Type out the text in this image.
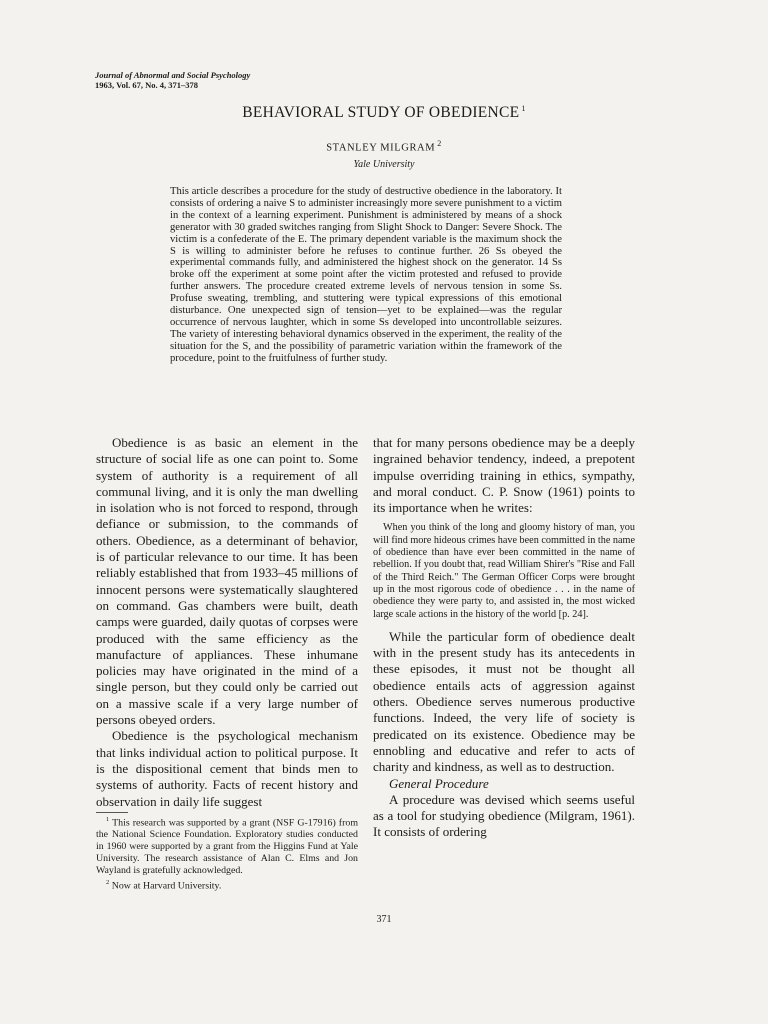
Journal of Abnormal and Social Psychology
1963, Vol. 67, No. 4, 371–378
BEHAVIORAL STUDY OF OBEDIENCE $^1$
STANLEY MILGRAM $^2$
Yale University
This article describes a procedure for the study of destructive obedience in the laboratory. It consists of ordering a naive S to administer increasingly more severe punishment to a victim in the context of a learning experiment. Punishment is administered by means of a shock generator with 30 graded switches ranging from Slight Shock to Danger: Severe Shock. The victim is a confederate of the E. The primary dependent variable is the maximum shock the S is willing to administer before he refuses to continue further. 26 Ss obeyed the experimental commands fully, and administered the highest shock on the generator. 14 Ss broke off the experiment at some point after the victim protested and refused to provide further answers. The procedure created extreme levels of nervous tension in some Ss. Profuse sweating, trembling, and stuttering were typical expressions of this emotional disturbance. One unexpected sign of tension—yet to be explained—was the regular occurrence of nervous laughter, which in some Ss developed into uncontrollable seizures. The variety of interesting behavioral dynamics observed in the experiment, the reality of the situation for the S, and the possibility of parametric variation within the framework of the procedure, point to the fruitfulness of further study.

Obedience is as basic an element in the structure of social life as one can point to. Some system of authority is a requirement of all communal living, and it is only the man dwelling in isolation who is not forced to respond, through defiance or submission, to the commands of others. Obedience, as a determinant of behavior, is of particular relevance to our time. It has been reliably established that from 1933–45 millions of innocent persons were systematically slaughtered on command. Gas chambers were built, death camps were guarded, daily quotas of corpses were produced with the same efficiency as the manufacture of appliances. These inhumane policies may have originated in the mind of a single person, but they could only be carried out on a massive scale if a very large number of persons obeyed orders.

Obedience is the psychological mechanism that links individual action to political purpose. It is the dispositional cement that binds men to systems of authority. Facts of recent history and observation in daily life suggest

$^1$ This research was supported by a grant (NSF G-17916) from the National Science Foundation. Exploratory studies conducted in 1960 were supported by a grant from the Higgins Fund at Yale University. The research assistance of Alan C. Elms and Jon Wayland is gratefully acknowledged.

$^2$ Now at Harvard University.

that for many persons obedience may be a deeply ingrained behavior tendency, indeed, a prepotent impulse overriding training in ethics, sympathy, and moral conduct. C. P. Snow (1961) points to its importance when he writes:

When you think of the long and gloomy history of man, you will find more hideous crimes have been committed in the name of obedience than have ever been committed in the name of rebellion. If you doubt that, read William Shirer's "Rise and Fall of the Third Reich." The German Officer Corps were brought up in the most rigorous code of obedience . . . in the name of obedience they were party to, and assisted in, the most wicked large scale actions in the history of the world [p. 24].

While the particular form of obedience dealt with in the present study has its antecedents in these episodes, it must not be thought all obedience entails acts of aggression against others. Obedience serves numerous productive functions. Indeed, the very life of society is predicated on its existence. Obedience may be ennobling and educative and refer to acts of charity and kindness, as well as to destruction.

General Procedure

A procedure was devised which seems useful as a tool for studying obedience (Milgram, 1961). It consists of ordering

371
